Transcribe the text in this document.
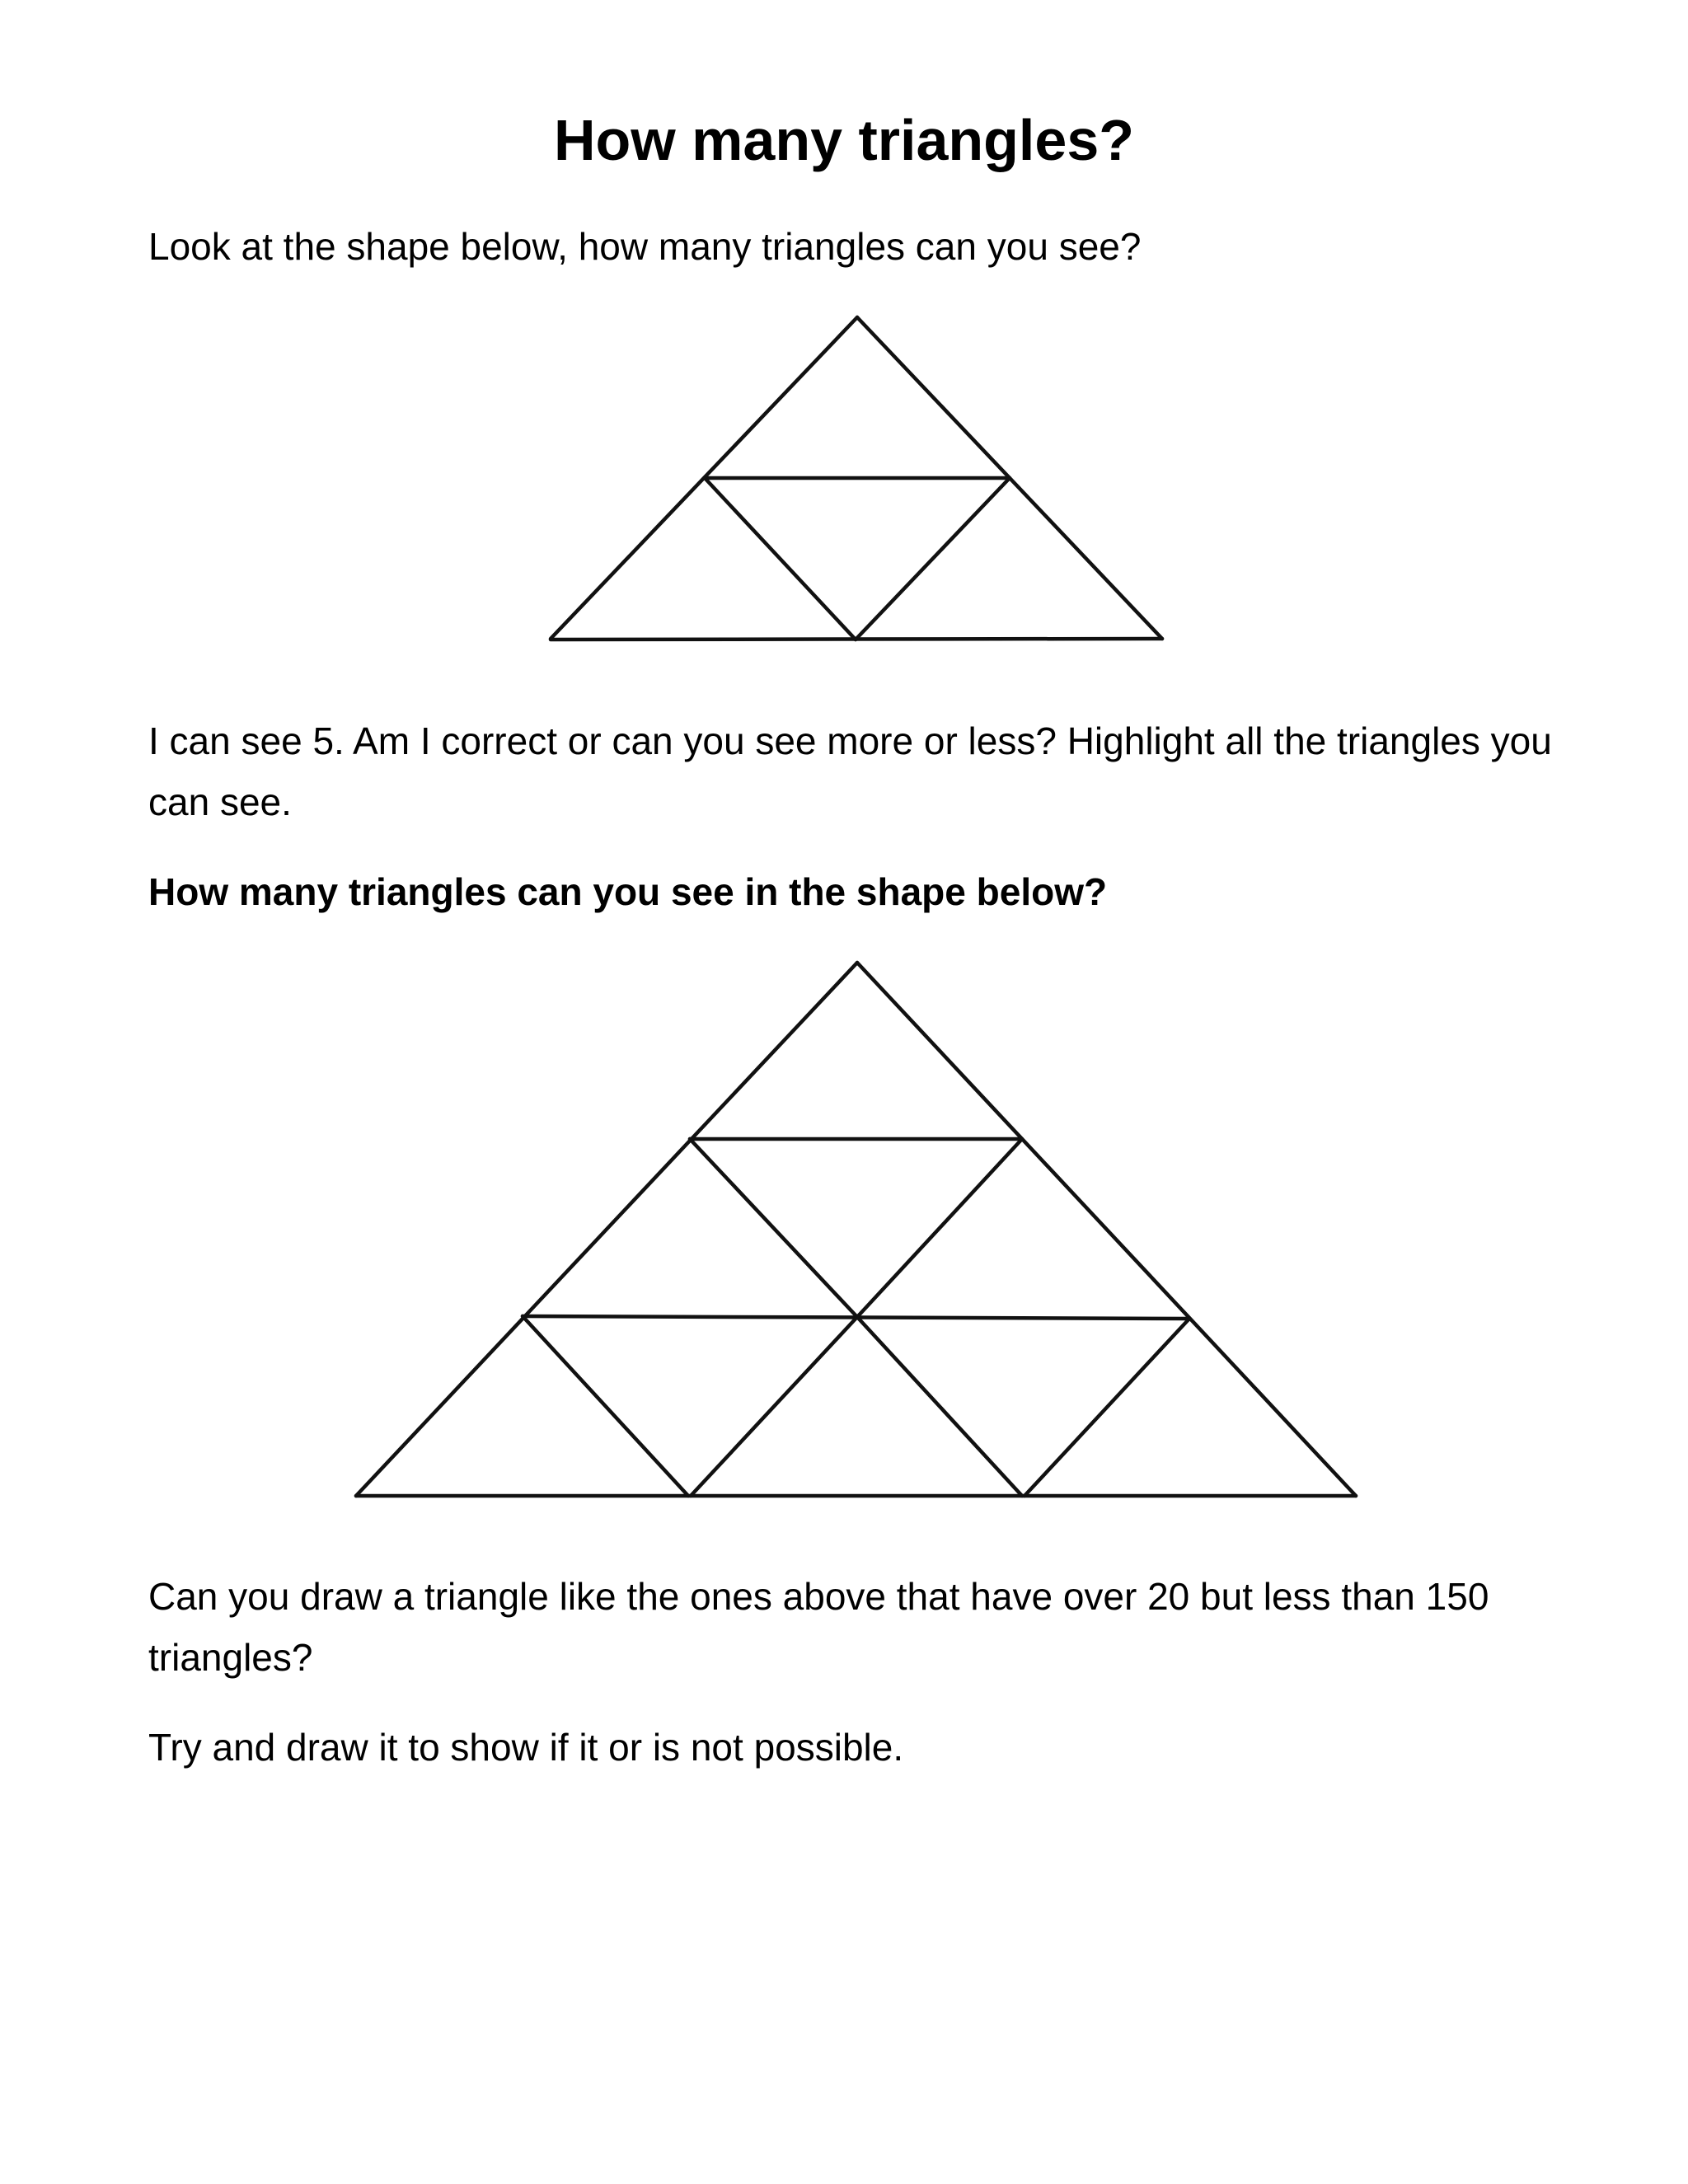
How many triangles?

Look at the shape below, how many triangles can you see?

I can see 5. Am I correct or can you see more or less? Highlight all the triangles you can see.

How many triangles can you see in the shape below?

Can you draw a triangle like the ones above that have over 20 but less than 150 triangles?

Try and draw it to show if it or is not possible.
